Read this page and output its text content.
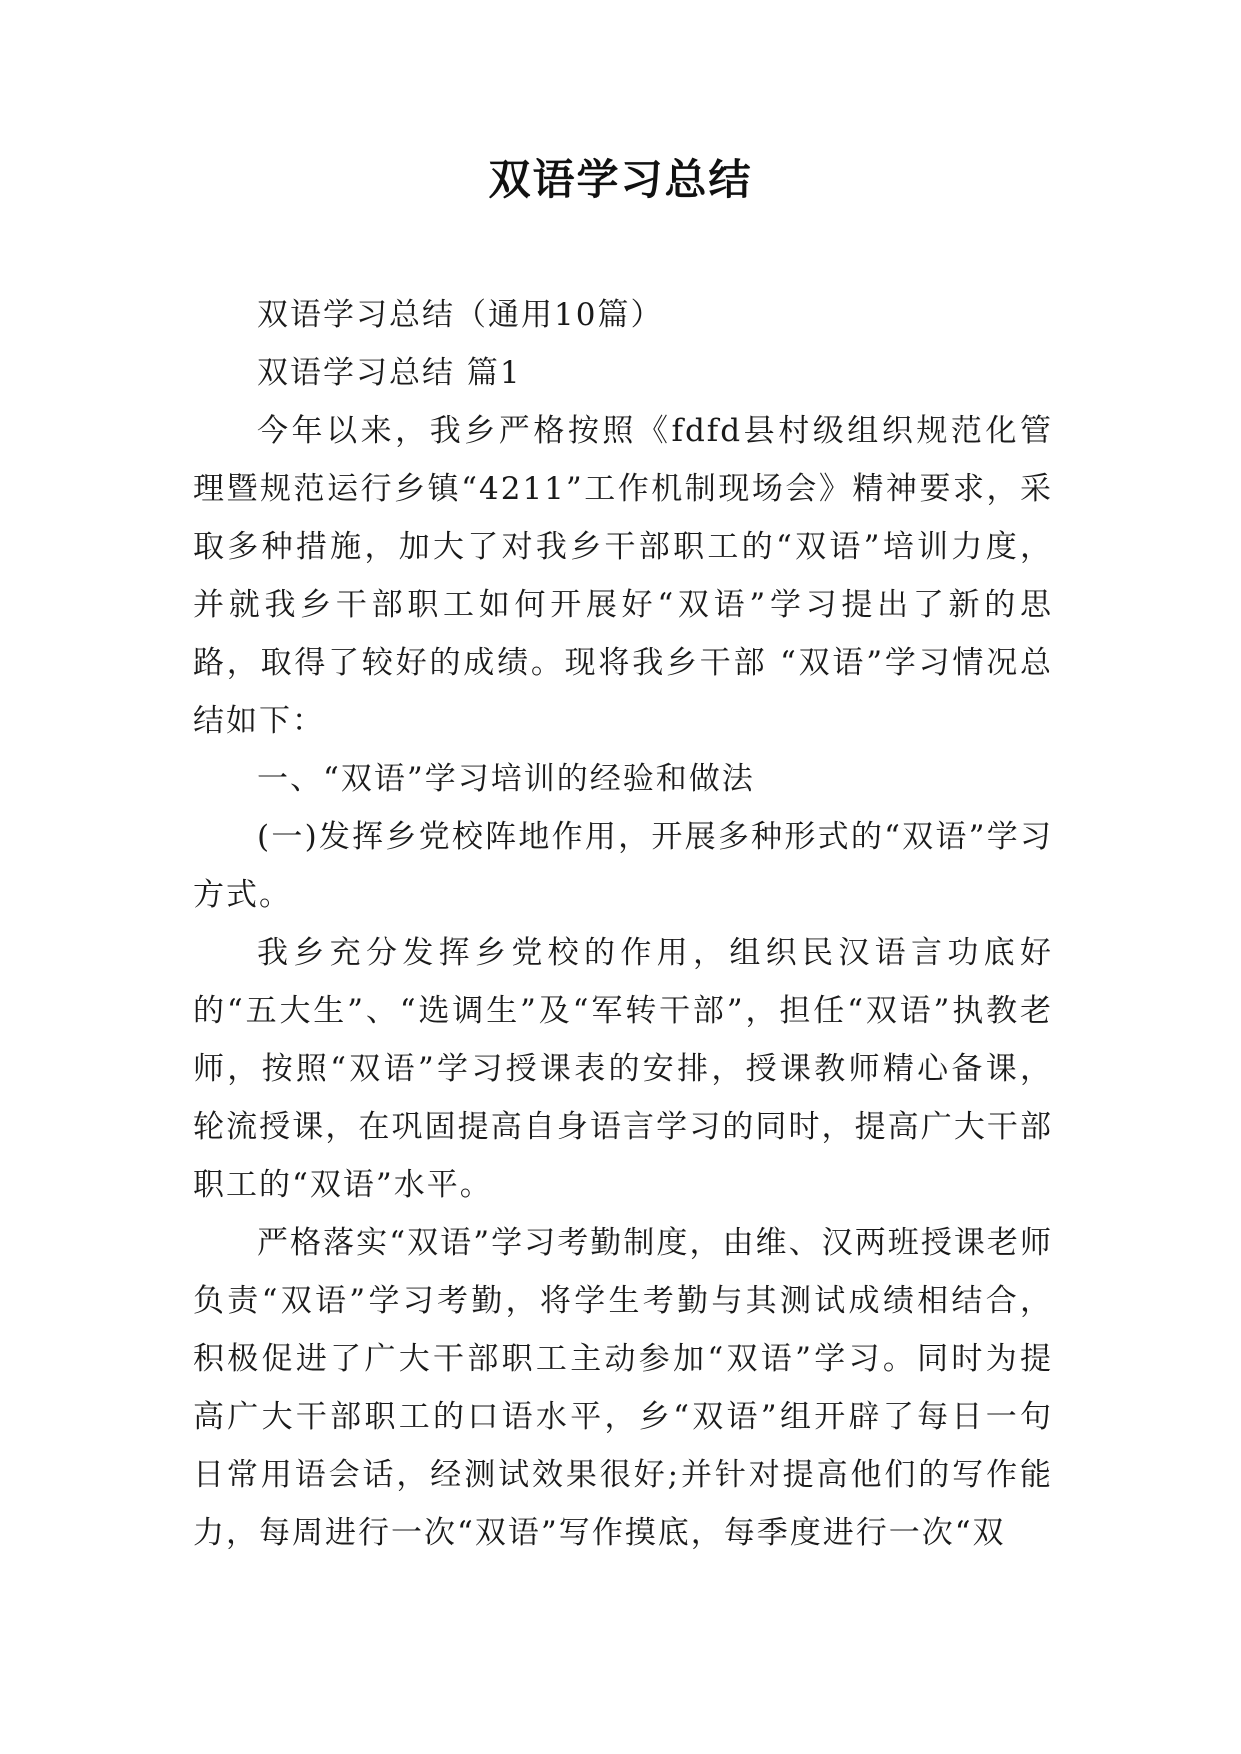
双语学习总结

双语学习总结（通用10篇）

双语学习总结 篇1

今年以来，我乡严格按照《fdfd县村级组织规范化管理暨规范运行乡镇“4211”工作机制现场会》精神要求，采取多种措施，加大了对我乡干部职工的“双语”培训力度，并就我乡干部职工如何开展好“双语”学习提出了新的思路，取得了较好的成绩。现将我乡干部 “双语”学习情况总结如下：

一、“双语”学习培训的经验和做法

(一)发挥乡党校阵地作用，开展多种形式的“双语”学习方式。

我乡充分发挥乡党校的作用，组织民汉语言功底好的“五大生”、“选调生”及“军转干部”，担任“双语”执教老师，按照“双语”学习授课表的安排，授课教师精心备课，轮流授课，在巩固提高自身语言学习的同时，提高广大干部职工的“双语”水平。

严格落实“双语”学习考勤制度，由维、汉两班授课老师负责“双语”学习考勤，将学生考勤与其测试成绩相结合，积极促进了广大干部职工主动参加“双语”学习。同时为提高广大干部职工的口语水平，乡“双语”组开辟了每日一句日常用语会话，经测试效果很好;并针对提高他们的写作能力，每周进行一次“双语”写作摸底，每季度进行一次“双
